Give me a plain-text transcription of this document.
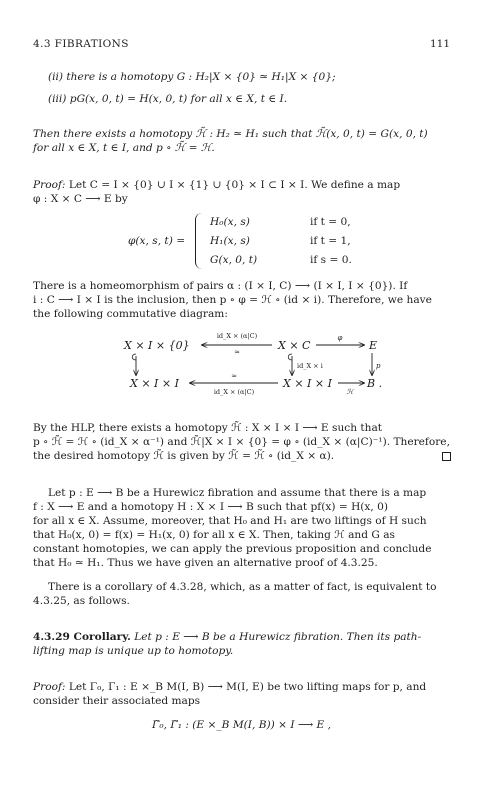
4.3 FIBRATIONS	111
(ii) there is a homotopy G : H₂|X × {0} ≃ H₁|X × {0};
(iii) pG(x, 0, t) = H(x, 0, t) for all x ∈ X, t ∈ I.
Then there exists a homotopy ℋ̃ : H₂ ≃ H₁ such that ℋ̃(x, 0, t) = G(x, 0, t)
for all x ∈ X, t ∈ I, and p ∘ ℋ̃ = ℋ.
Proof: Let C = I × {0} ∪ I × {1} ∪ {0} × I ⊂ I × I. We define a map
φ : X × C ⟶ E by
φ(x, s, t) =
H₀(x, s)	if t = 0,
H₁(x, s)	if t = 1,
G(x, 0, t)	if s = 0.
There is a homeomorphism of pairs α : (I × I, C) ⟶ (I × I, I × {0}). If
i : C ⟶ I × I is the inclusion, then p ∘ φ = ℋ ∘ (id × i). Therefore, we have
the following commutative diagram:
X × I × {0}	X × C	E
X × I × I	X × I × I	B .
id_X × (α|C)
≈
φ
id_X × i	p
≈
id_X × (α|C)	ℋ
By the HLP, there exists a homotopy ℋ̃ : X × I × I ⟶ E such that
p ∘ ℋ̃ = ℋ ∘ (id_X × α⁻¹) and ℋ̃|X × I × {0} = φ ∘ (id_X × (α|C)⁻¹). Therefore,
the desired homotopy ℋ̃ is given by ℋ̃ = ℋ̃ ∘ (id_X × α).
Let p : E ⟶ B be a Hurewicz fibration and assume that there is a map
f : X ⟶ E and a homotopy H : X × I ⟶ B such that pf(x) = H(x, 0)
for all x ∈ X. Assume, moreover, that H₀ and H₁ are two liftings of H such
that H₀(x, 0) = f(x) = H₁(x, 0) for all x ∈ X. Then, taking ℋ and G as
constant homotopies, we can apply the previous proposition and conclude
that H₀ ≃ H₁. Thus we have given an alternative proof of 4.3.25.
There is a corollary of 4.3.28, which, as a matter of fact, is equivalent to
4.3.25, as follows.
4.3.29 Corollary. Let p : E ⟶ B be a Hurewicz fibration. Then its path-
lifting map is unique up to homotopy.
Proof: Let Γ₀, Γ₁ : E ×_B M(I, B) ⟶ M(I, E) be two lifting maps for p, and
consider their associated maps
Γ̃₀, Γ̃₁ : (E ×_B M(I, B)) × I ⟶ E ,
